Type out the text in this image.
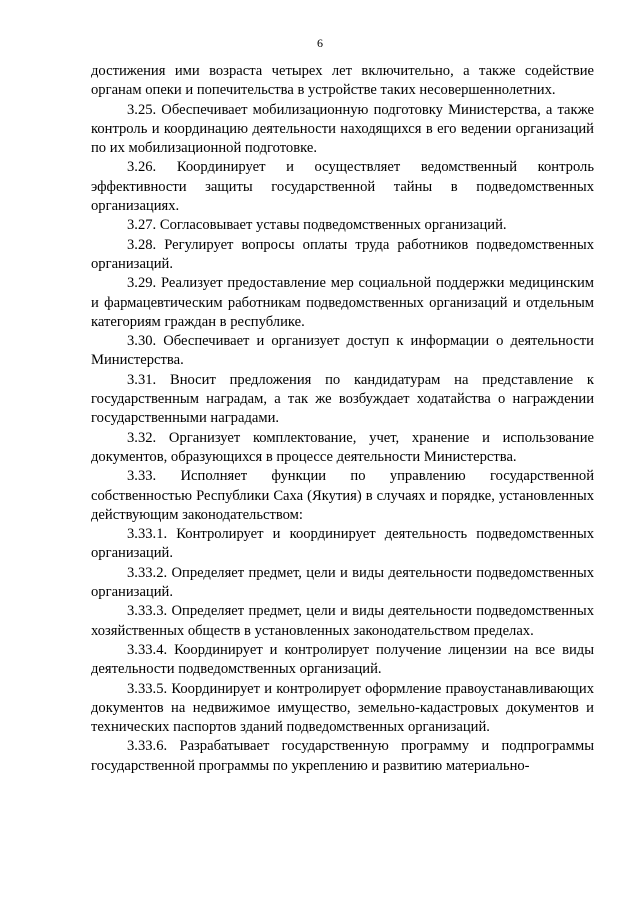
6

достижения ими возраста четырех лет включительно, а также содействие органам опеки и попечительства в устройстве таких несовершеннолетних.

3.25. Обеспечивает мобилизационную подготовку Министерства, а также контроль и координацию деятельности находящихся в его ведении организаций по их мобилизационной подготовке.

3.26. Координирует и осуществляет ведомственный контроль эффективности защиты государственной тайны в подведомственных организациях.

3.27. Согласовывает уставы подведомственных организаций.

3.28. Регулирует вопросы оплаты труда работников подведомственных организаций.

3.29. Реализует предоставление мер социальной поддержки медицинским и фармацевтическим работникам подведомственных организаций и отдельным категориям граждан в республике.

3.30. Обеспечивает и организует доступ к информации о деятельности Министерства.

3.31. Вносит предложения по кандидатурам на представление к государственным наградам, а так же возбуждает ходатайства о награждении государственными наградами.

3.32. Организует комплектование, учет, хранение и использование документов, образующихся в процессе деятельности Министерства.

3.33. Исполняет функции по управлению государственной собственностью Республики Саха (Якутия) в случаях и порядке, установленных действующим законодательством:

3.33.1. Контролирует и координирует деятельность подведомственных организаций.

3.33.2. Определяет предмет, цели и виды деятельности подведомственных организаций.

3.33.3. Определяет предмет, цели и виды деятельности подведомственных хозяйственных обществ в установленных законодательством пределах.

3.33.4. Координирует и контролирует получение лицензии на все виды деятельности подведомственных организаций.

3.33.5. Координирует и контролирует оформление правоустанавливающих документов на недвижимое имущество, земельно-кадастровых документов и технических паспортов зданий подведомственных организаций.

3.33.6. Разрабатывает государственную программу и подпрограммы государственной программы по укреплению и развитию материально-
